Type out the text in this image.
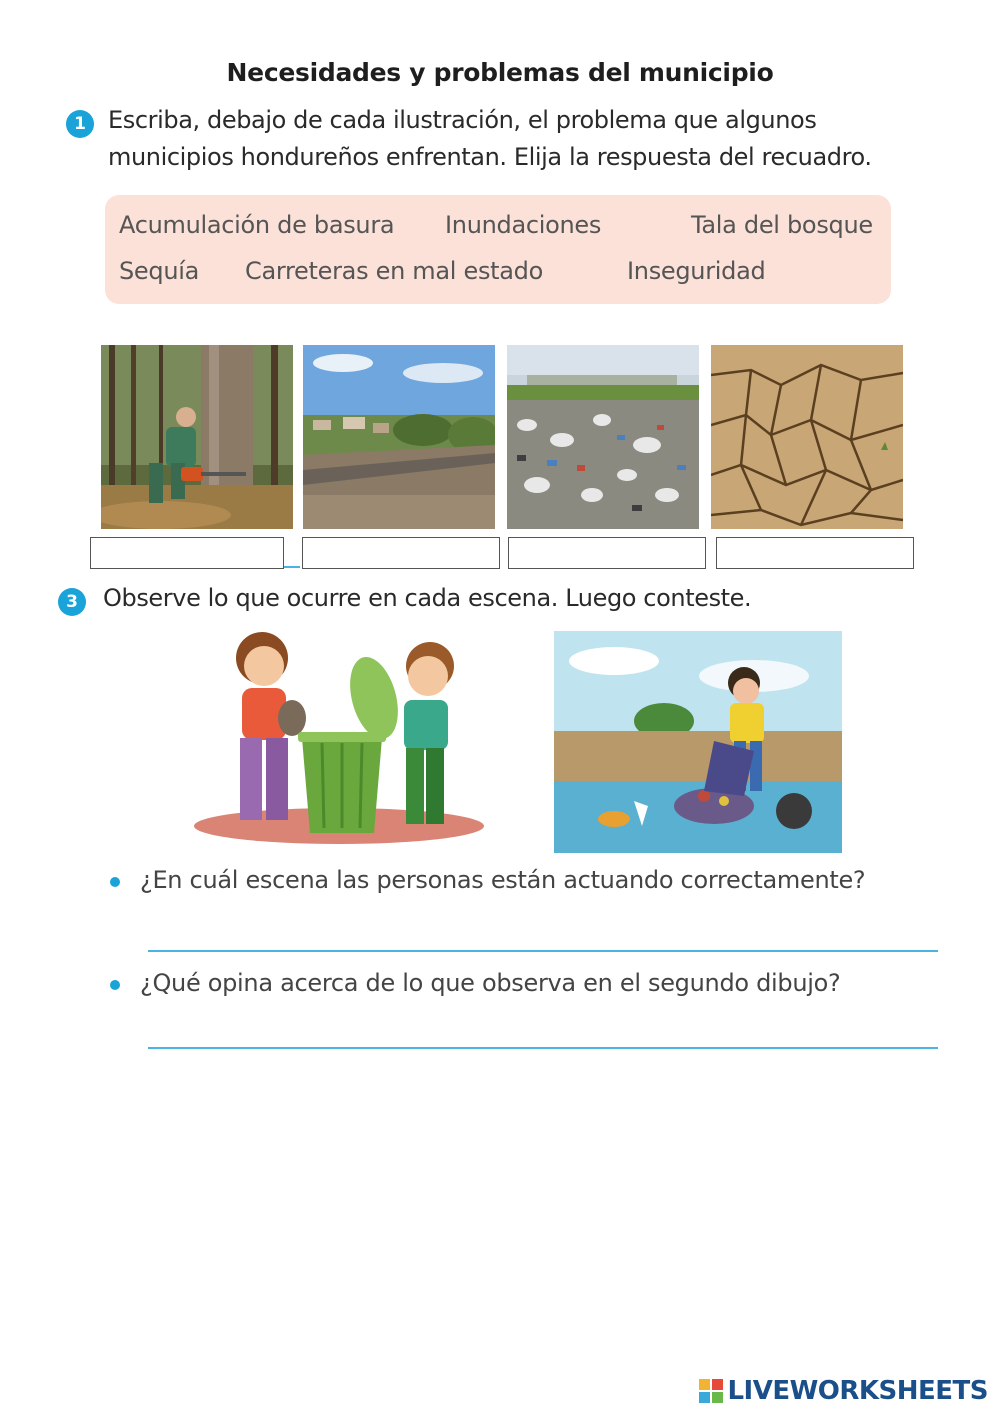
Necesidades y problemas del municipio
1 Escriba, debajo de cada ilustración, el problema que algunos
municipios hondureños enfrentan. Elija la respuesta del recuadro.
Acumulación de basura Inundaciones	Tala del bosque
Sequía Carreteras en mal estado	Inseguridad
3	Observe lo que ocurre en cada escena. Luego conteste.
¿En cuál escena las personas están actuando correctamente?
¿Qué opina acerca de lo que observa en el segundo dibujo?
LIVEWORKSHEETS
